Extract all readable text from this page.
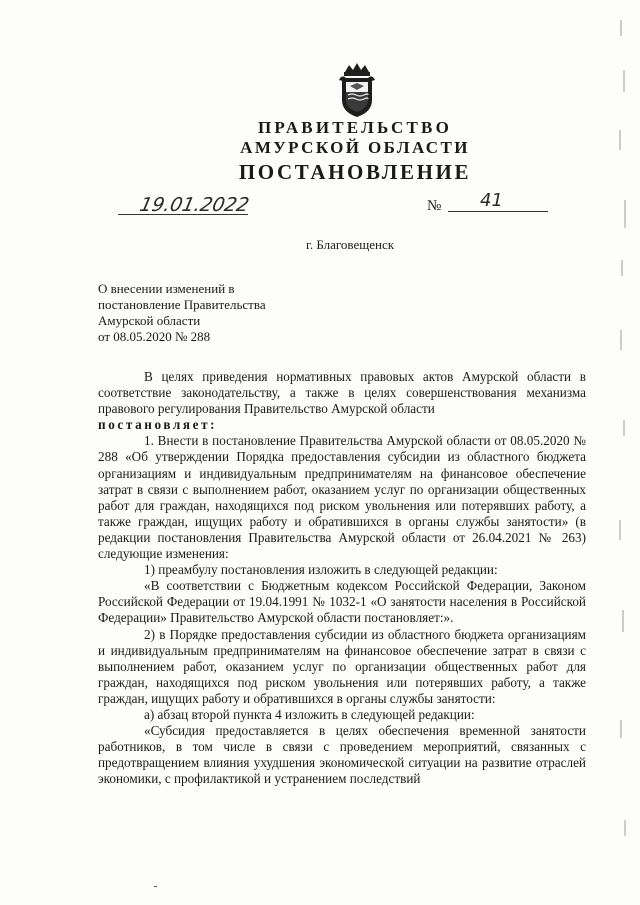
ПРАВИТЕЛЬСТВО
АМУРСКОЙ ОБЛАСТИ
ПОСТАНОВЛЕНИЕ
19.01.2022	№ 41
г. Благовещенск
О внесении изменений в
постановление Правительства
Амурской области
от 08.05.2020 № 288

В целях приведения нормативных правовых актов Амурской области в соответствие законодательству, а также в целях совершенствования механизма правового регулирования Правительство Амурской области

постановляет:

1. Внести в постановление Правительства Амурской области от 08.05.2020 № 288 «Об утверждении Порядка предоставления субсидии из областного бюджета организациям и индивидуальным предпринимателям на финансовое обеспечение затрат в связи с выполнением работ, оказанием услуг по организации общественных работ для граждан, находящихся под риском увольнения или потерявших работу, а также граждан, ищущих работу и обратившихся в органы службы занятости» (в редакции постановления Правительства Амурской области от 26.04.2021 № 263) следующие изменения:

1) преамбулу постановления изложить в следующей редакции:

«В соответствии с Бюджетным кодексом Российской Федерации, Законом Российской Федерации от 19.04.1991 № 1032-1 «О занятости населения в Российской Федерации» Правительство Амурской области постановляет:».

2) в Порядке предоставления субсидии из областного бюджета организациям и индивидуальным предпринимателям на финансовое обеспечение затрат в связи с выполнением работ, оказанием услуг по организации общественных работ для граждан, находящихся под риском увольнения или потерявших работу, а также граждан, ищущих работу и обратившихся в органы службы занятости:

а) абзац второй пункта 4 изложить в следующей редакции:

«Субсидия предоставляется в целях обеспечения временной занятости работников, в том числе в связи с проведением мероприятий, связанных с предотвращением влияния ухудшения экономической ситуации на развитие отраслей экономики, с профилактикой и устранением последствий
